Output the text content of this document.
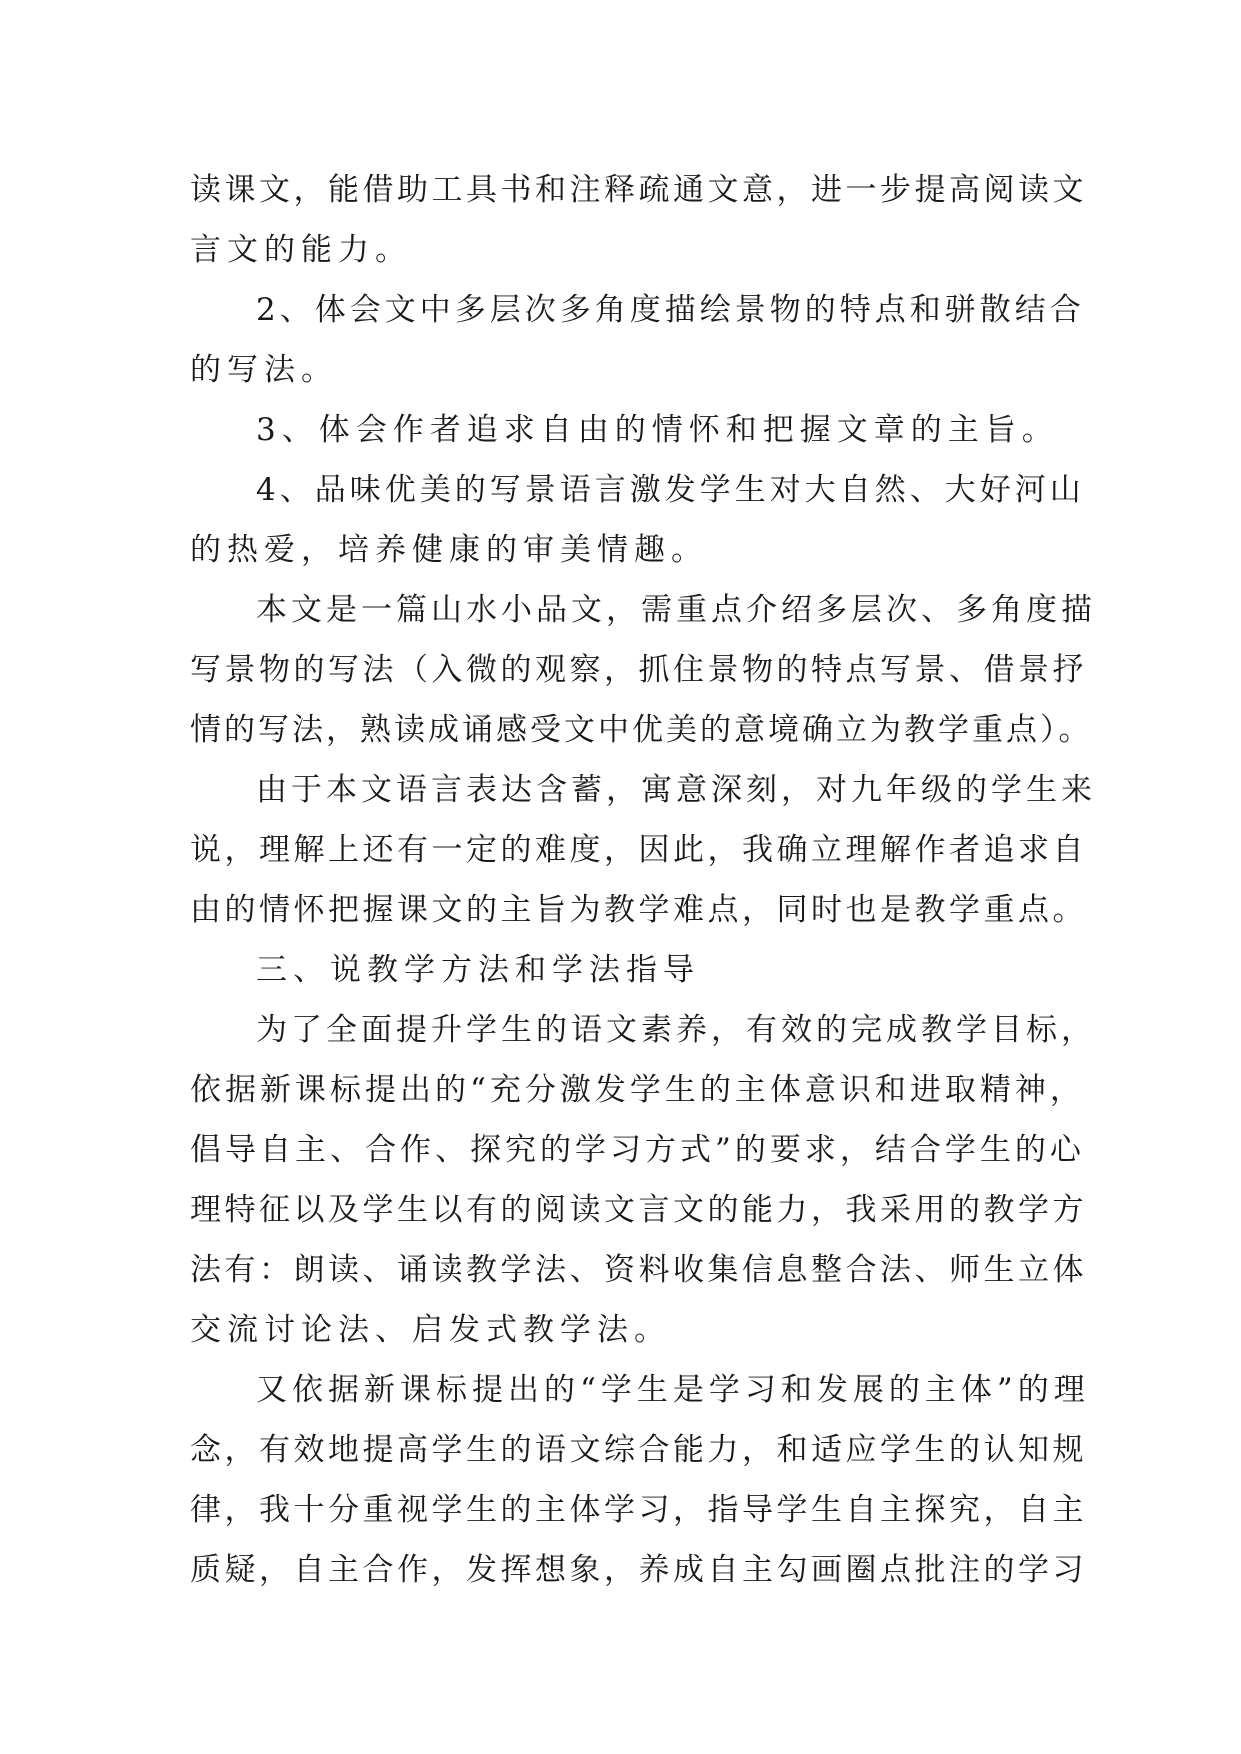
读课文，能借助工具书和注释疏通文意，进一步提高阅读文
言文的能力。
2、体会文中多层次多角度描绘景物的特点和骈散结合
的写法。
3、体会作者追求自由的情怀和把握文章的主旨。
4、品味优美的写景语言激发学生对大自然、大好河山
的热爱，培养健康的审美情趣。
本文是一篇山水小品文，需重点介绍多层次、多角度描
写景物的写法（入微的观察，抓住景物的特点写景、借景抒
情的写法，熟读成诵感受文中优美的意境确立为教学重点）。
由于本文语言表达含蓄，寓意深刻，对九年级的学生来
说，理解上还有一定的难度，因此，我确立理解作者追求自
由的情怀把握课文的主旨为教学难点，同时也是教学重点。
三、说教学方法和学法指导
为了全面提升学生的语文素养，有效的完成教学目标，
依据新课标提出的“充分激发学生的主体意识和进取精神，
倡导自主、合作、探究的学习方式”的要求，结合学生的心
理特征以及学生以有的阅读文言文的能力，我采用的教学方
法有：朗读、诵读教学法、资料收集信息整合法、师生立体
交流讨论法、启发式教学法。
又依据新课标提出的“学生是学习和发展的主体”的理
念，有效地提高学生的语文综合能力，和适应学生的认知规
律，我十分重视学生的主体学习，指导学生自主探究，自主
质疑，自主合作，发挥想象，养成自主勾画圈点批注的学习
